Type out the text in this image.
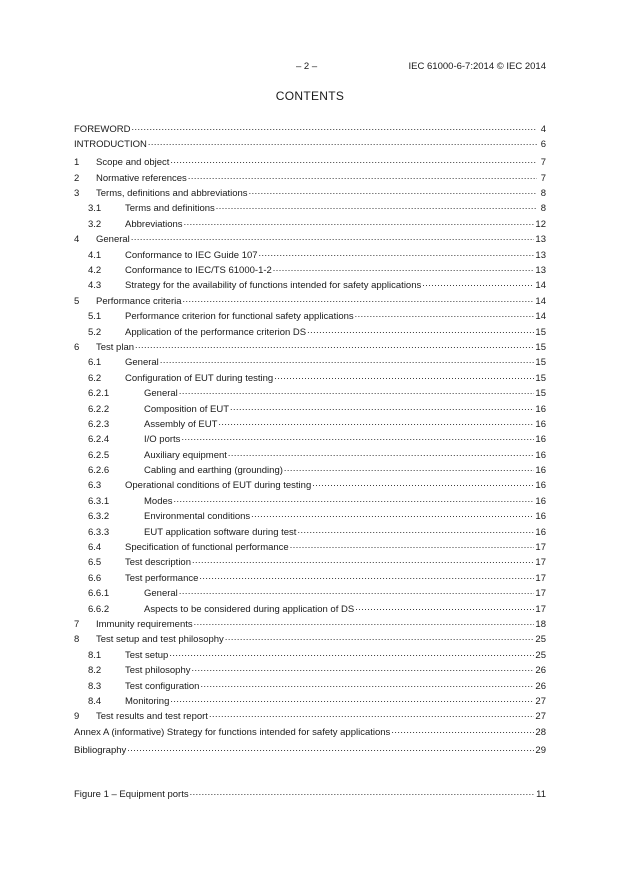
– 2 –	IEC 61000-6-7:2014 © IEC 2014
CONTENTS
FOREWORD .....	4
INTRODUCTION .....	6
1	Scope and object .....	7
2	Normative references .....	7
3	Terms, definitions and abbreviations .....	8
3.1	Terms and definitions .....	8
3.2	Abbreviations .....	12
4	General .....	13
4.1	Conformance to IEC Guide 107 .....	13
4.2	Conformance to IEC/TS 61000-1-2 .....	13
4.3	Strategy for the availability of functions intended for safety applications .....	14
5	Performance criteria .....	14
5.1	Performance criterion for functional safety applications .....	14
5.2	Application of the performance criterion DS .....	15
6	Test plan .....	15
6.1	General .....	15
6.2	Configuration of EUT during testing .....	15
6.2.1	General .....	15
6.2.2	Composition of EUT .....	16
6.2.3	Assembly of EUT .....	16
6.2.4	I/O ports .....	16
6.2.5	Auxiliary equipment .....	16
6.2.6	Cabling and earthing (grounding) .....	16
6.3	Operational conditions of EUT during testing .....	16
6.3.1	Modes .....	16
6.3.2	Environmental conditions .....	16
6.3.3	EUT application software during test .....	16
6.4	Specification of functional performance .....	17
6.5	Test description .....	17
6.6	Test performance .....	17
6.6.1	General .....	17
6.6.2	Aspects to be considered during application of DS .....	17
7	Immunity requirements .....	18
8	Test setup and test philosophy .....	25
8.1	Test setup .....	25
8.2	Test philosophy .....	26
8.3	Test configuration .....	26
8.4	Monitoring .....	27
9	Test results and test report .....	27
Annex A (informative) Strategy for functions intended for safety applications .....	28
Bibliography .....	29
Figure 1 – Equipment ports .....	11
